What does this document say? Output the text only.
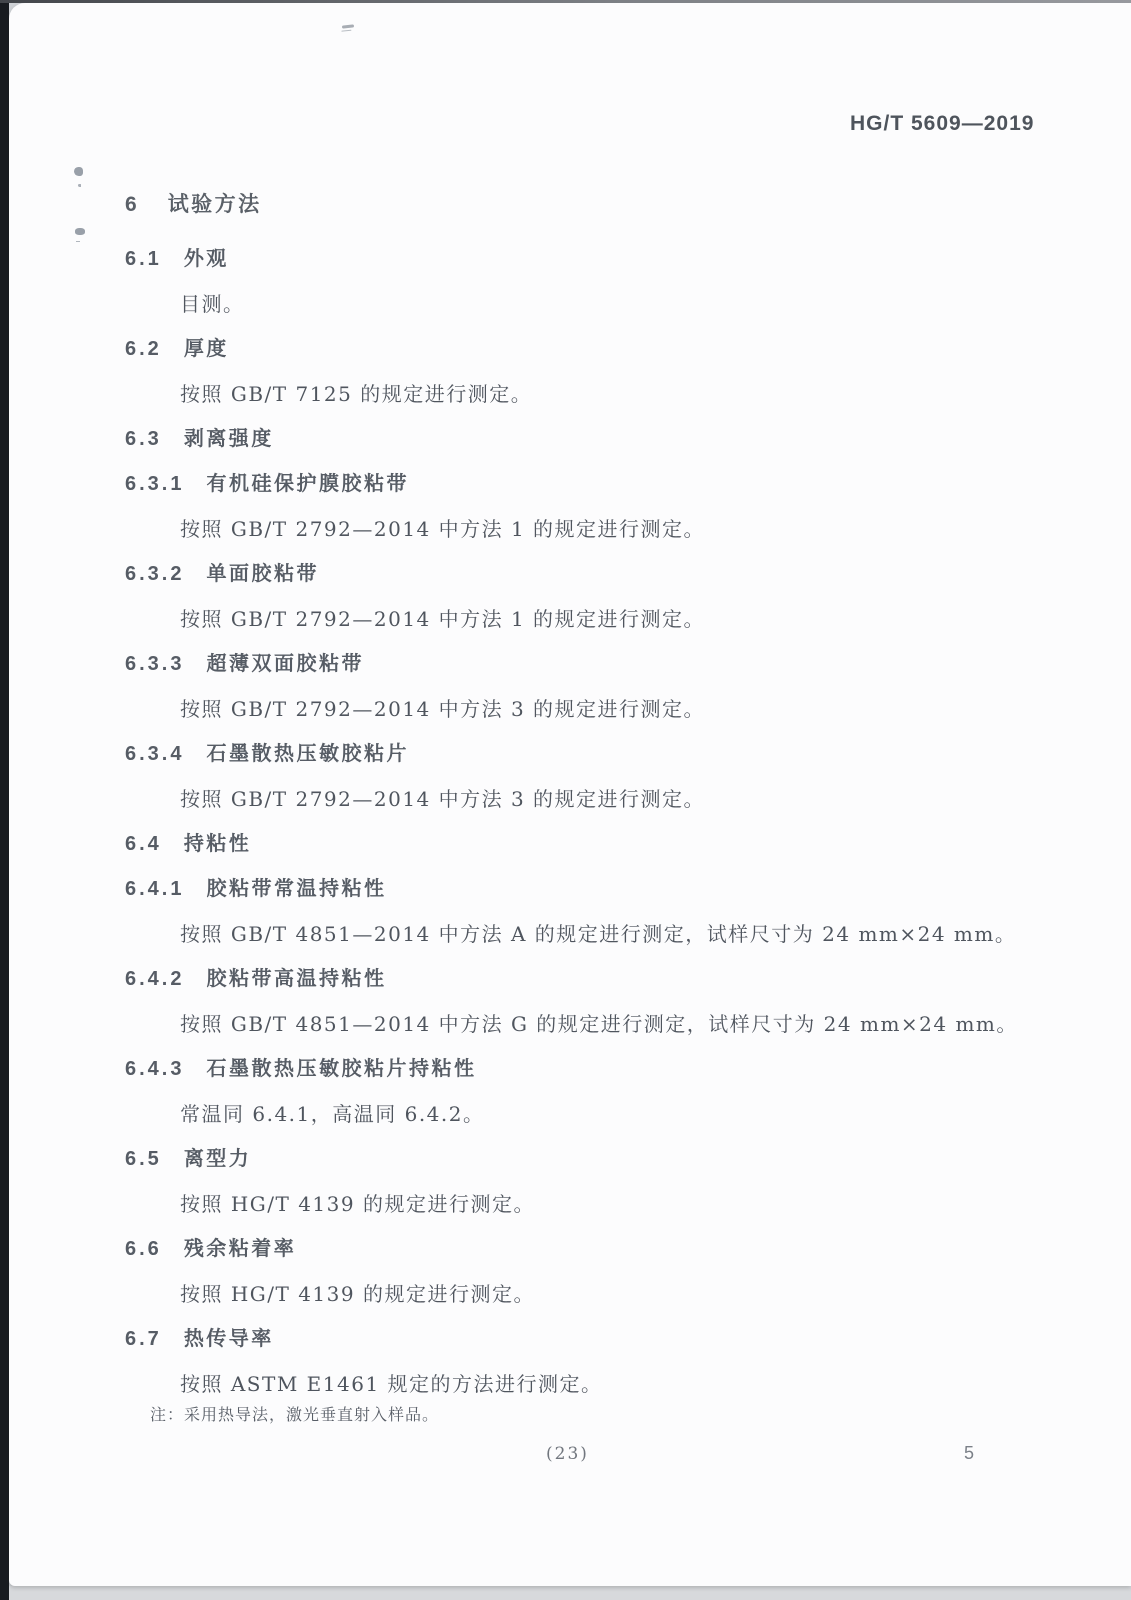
HG/T 5609—2019
6 试验方法
6.1 外观
目测。
6.2 厚度
按照 GB/T 7125 的规定进行测定。
6.3 剥离强度
6.3.1 有机硅保护膜胶粘带
按照 GB/T 2792—2014 中方法 1 的规定进行测定。
6.3.2 单面胶粘带
按照 GB/T 2792—2014 中方法 1 的规定进行测定。
6.3.3 超薄双面胶粘带
按照 GB/T 2792—2014 中方法 3 的规定进行测定。
6.3.4 石墨散热压敏胶粘片
按照 GB/T 2792—2014 中方法 3 的规定进行测定。
6.4 持粘性
6.4.1 胶粘带常温持粘性
按照 GB/T 4851—2014 中方法 A 的规定进行测定，试样尺寸为 24 mm×24 mm。
6.4.2 胶粘带高温持粘性
按照 GB/T 4851—2014 中方法 G 的规定进行测定，试样尺寸为 24 mm×24 mm。
6.4.3 石墨散热压敏胶粘片持粘性
常温同 6.4.1，高温同 6.4.2。
6.5 离型力
按照 HG/T 4139 的规定进行测定。
6.6 残余粘着率
按照 HG/T 4139 的规定进行测定。
6.7 热传导率
按照 ASTM E1461 规定的方法进行测定。
注：采用热导法，激光垂直射入样品。
(23)	5
